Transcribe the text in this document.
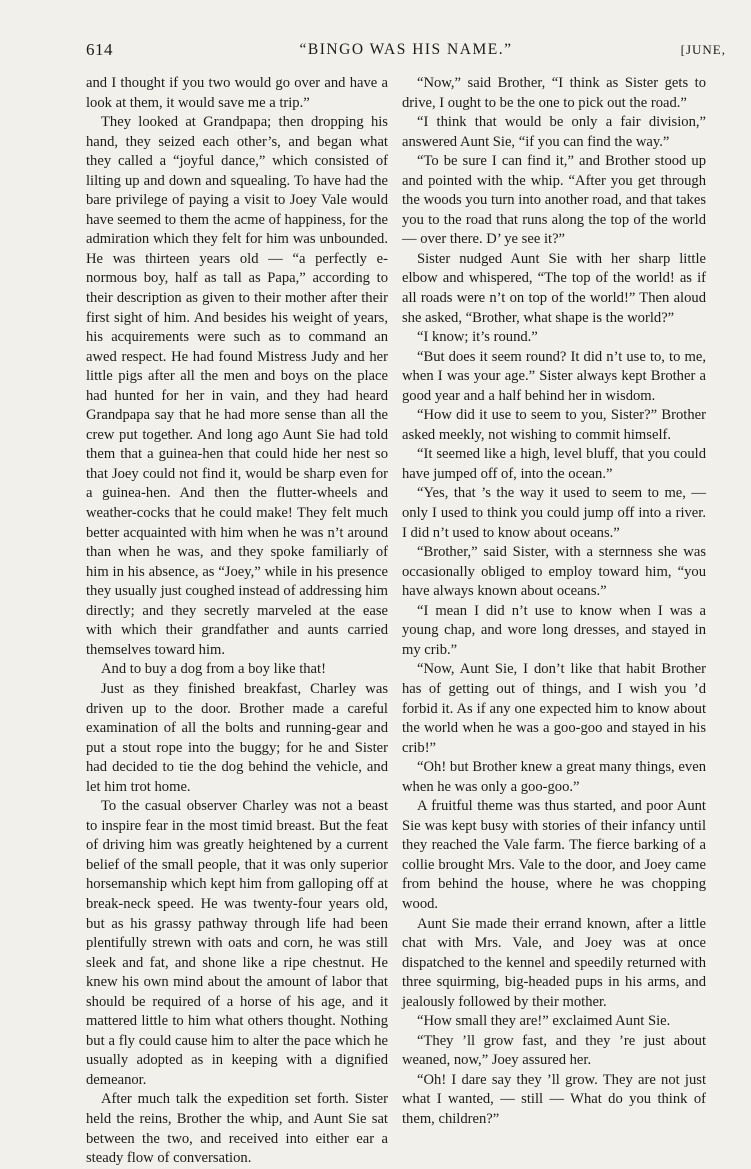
614	“BINGO WAS HIS NAME.”	[JUNE,

and I thought if you two would go over and have a look at them, it would save me a trip.”

They looked at Grandpapa; then dropping his hand, they seized each other’s, and began what they called a “joyful dance,” which consisted of lilting up and down and squealing. To have had the bare privilege of paying a visit to Joey Vale would have seemed to them the acme of happiness, for the admiration which they felt for him was unbounded. He was thirteen years old — “a perfectly e-normous boy, half as tall as Papa,” according to their description as given to their mother after their first sight of him. And besides his weight of years, his acquirements were such as to command an awed respect. He had found Mistress Judy and her little pigs after all the men and boys on the place had hunted for her in vain, and they had heard Grandpapa say that he had more sense than all the crew put together. And long ago Aunt Sie had told them that a guinea-hen that could hide her nest so that Joey could not find it, would be sharp even for a guinea-hen. And then the flutter-wheels and weather-cocks that he could make! They felt much better acquainted with him when he was n’t around than when he was, and they spoke familiarly of him in his absence, as “Joey,” while in his presence they usually just coughed instead of addressing him directly; and they secretly marveled at the ease with which their grandfather and aunts carried themselves toward him.

And to buy a dog from a boy like that!

Just as they finished breakfast, Charley was driven up to the door. Brother made a careful examination of all the bolts and running-gear and put a stout rope into the buggy; for he and Sister had decided to tie the dog behind the vehicle, and let him trot home.

To the casual observer Charley was not a beast to inspire fear in the most timid breast. But the feat of driving him was greatly heightened by a current belief of the small people, that it was only superior horsemanship which kept him from galloping off at break-neck speed. He was twenty-four years old, but as his grassy pathway through life had been plentifully strewn with oats and corn, he was still sleek and fat, and shone like a ripe chestnut. He knew his own mind about the amount of labor that should be required of a horse of his age, and it mattered little to him what others thought. Nothing but a fly could cause him to alter the pace which he usually adopted as in keeping with a dignified demeanor.

After much talk the expedition set forth. Sister held the reins, Brother the whip, and Aunt Sie sat between the two, and received into either ear a steady flow of conversation.

“Now,” said Brother, “I think as Sister gets to drive, I ought to be the one to pick out the road.”

“I think that would be only a fair division,” answered Aunt Sie, “if you can find the way.”

“To be sure I can find it,” and Brother stood up and pointed with the whip. “After you get through the woods you turn into another road, and that takes you to the road that runs along the top of the world — over there. D’ ye see it?”

Sister nudged Aunt Sie with her sharp little elbow and whispered, “The top of the world! as if all roads were n’t on top of the world!” Then aloud she asked, “Brother, what shape is the world?”

“I know; it’s round.”

“But does it seem round? It did n’t use to, to me, when I was your age.” Sister always kept Brother a good year and a half behind her in wisdom.

“How did it use to seem to you, Sister?” Brother asked meekly, not wishing to commit himself.

“It seemed like a high, level bluff, that you could have jumped off of, into the ocean.”

“Yes, that ’s the way it used to seem to me, — only I used to think you could jump off into a river. I did n’t used to know about oceans.”

“Brother,” said Sister, with a sternness she was occasionally obliged to employ toward him, “you have always known about oceans.”

“I mean I did n’t use to know when I was a young chap, and wore long dresses, and stayed in my crib.”

“Now, Aunt Sie, I don’t like that habit Brother has of getting out of things, and I wish you ’d forbid it. As if any one expected him to know about the world when he was a goo-goo and stayed in his crib!”

“Oh! but Brother knew a great many things, even when he was only a goo-goo.”

A fruitful theme was thus started, and poor Aunt Sie was kept busy with stories of their infancy until they reached the Vale farm. The fierce barking of a collie brought Mrs. Vale to the door, and Joey came from behind the house, where he was chopping wood.

Aunt Sie made their errand known, after a little chat with Mrs. Vale, and Joey was at once dispatched to the kennel and speedily returned with three squirming, big-headed pups in his arms, and jealously followed by their mother.

“How small they are!” exclaimed Aunt Sie.

“They ’ll grow fast, and they ’re just about weaned, now,” Joey assured her.

“Oh! I dare say they ’ll grow. They are not just what I wanted, — still — What do you think of them, children?”
